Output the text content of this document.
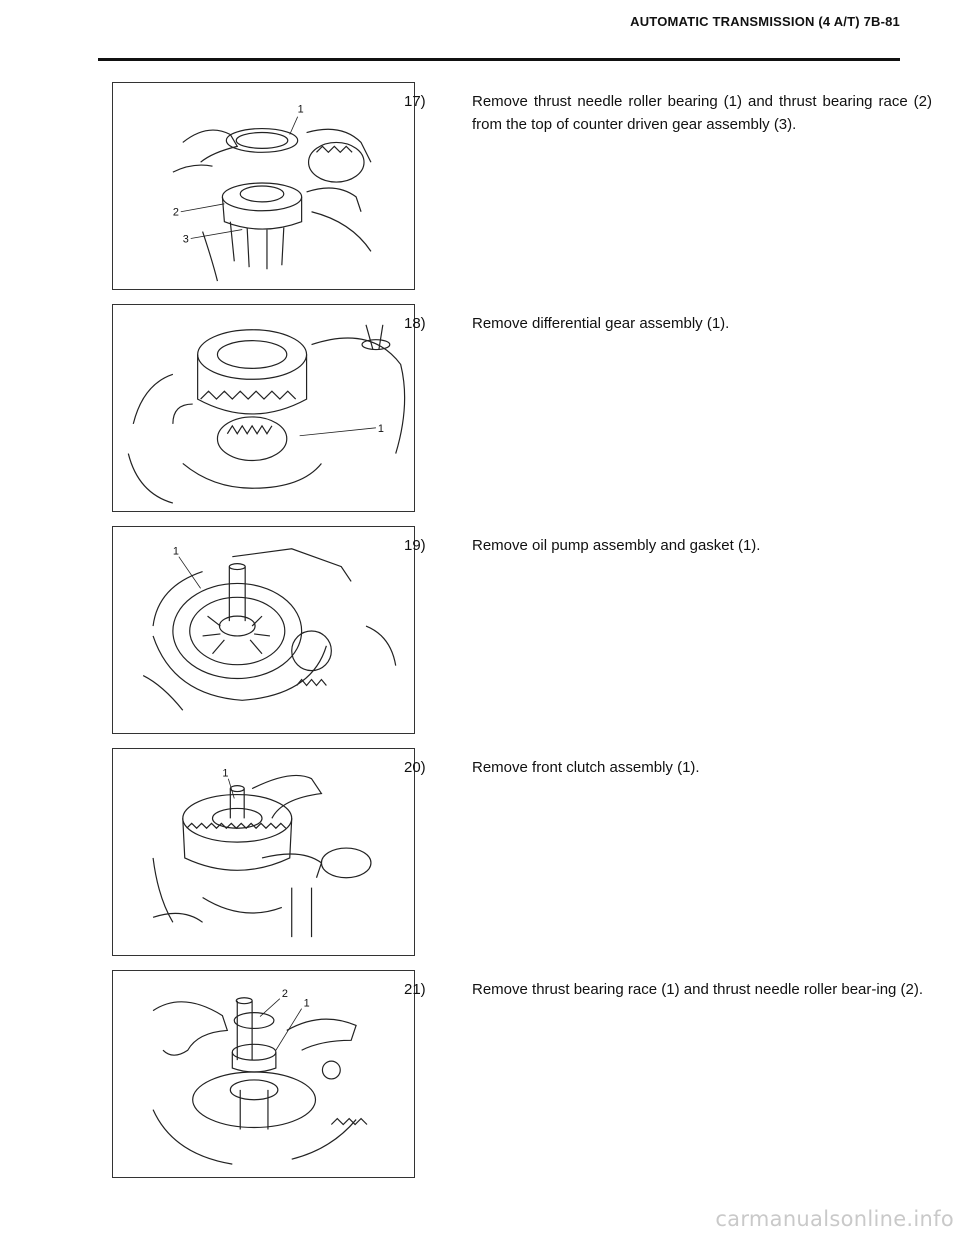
AUTOMATIC TRANSMISSION (4 A/T) 7B-81
1
2
3
17)	Remove thrust needle roller bearing (1) and thrust bearing race (2) from the top of counter driven gear assembly (3).
1
18)	Remove differential gear assembly (1).
1	19)	Remove oil pump assembly and gasket (1).
1	20)	Remove front clutch assembly (1).
2
1
21)	Remove thrust bearing race (1) and thrust needle roller bear-ing (2).
carmanualsonline.info
